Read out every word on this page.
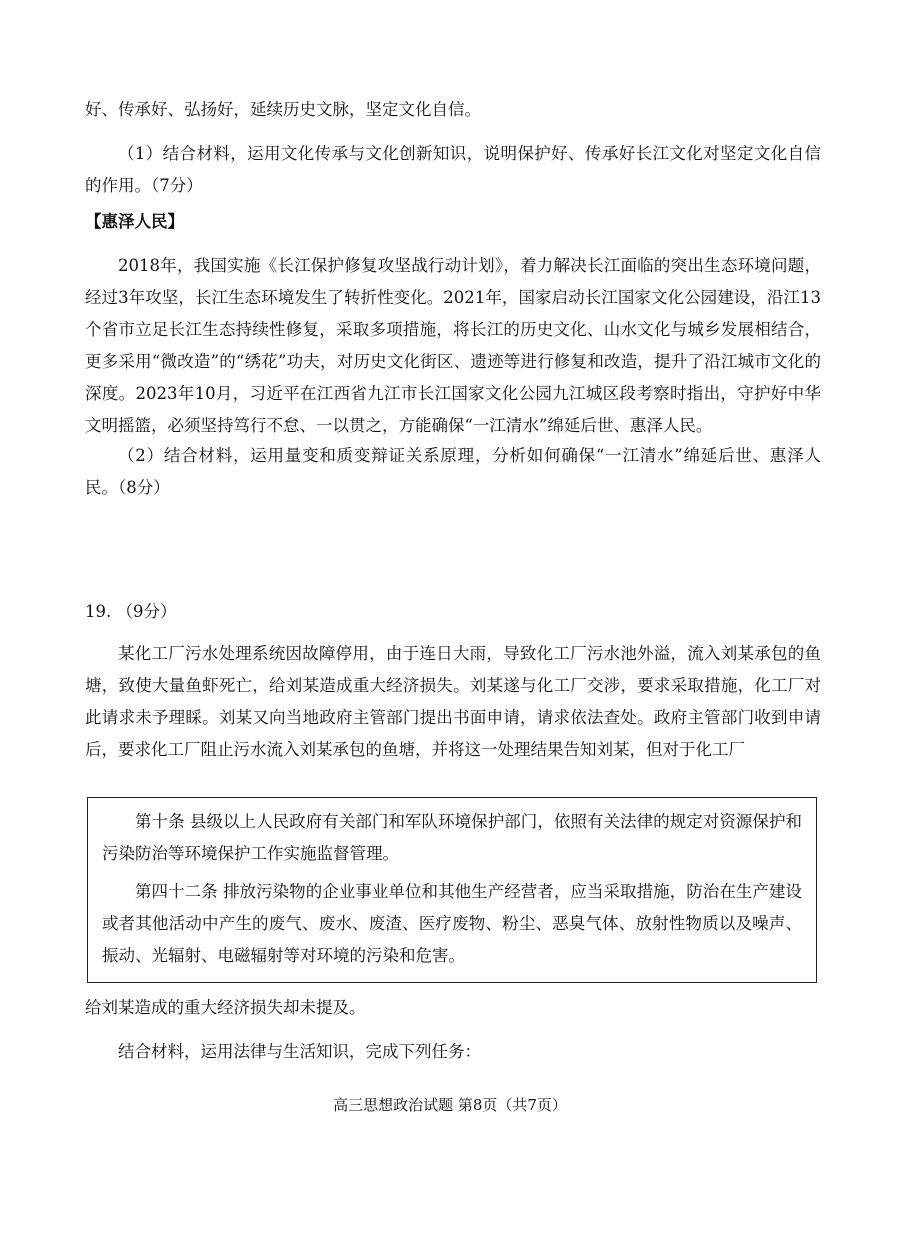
好、传承好、弘扬好，延续历史文脉，坚定文化自信。

（1）结合材料，运用文化传承与文化创新知识，说明保护好、传承好长江文化对坚定文化自信的作用。（7分）

【惠泽人民】

2018年，我国实施《长江保护修复攻坚战行动计划》，着力解决长江面临的突出生态环境问题，经过3年攻坚，长江生态环境发生了转折性变化。2021年，国家启动长江国家文化公园建设，沿江13个省市立足长江生态持续性修复，采取多项措施，将长江的历史文化、山水文化与城乡发展相结合，更多采用“微改造”的“绣花”功夫，对历史文化街区、遗迹等进行修复和改造，提升了沿江城市文化的深度。2023年10月，习近平在江西省九江市长江国家文化公园九江城区段考察时指出，守护好中华文明摇篮，必须坚持笃行不怠、一以贯之，方能确保“一江清水”绵延后世、惠泽人民。

（2）结合材料，运用量变和质变辩证关系原理，分析如何确保“一江清水”绵延后世、惠泽人民。（8分）

19. （9分）

某化工厂污水处理系统因故障停用，由于连日大雨，导致化工厂污水池外溢，流入刘某承包的鱼塘，致使大量鱼虾死亡，给刘某造成重大经济损失。刘某遂与化工厂交涉，要求采取措施，化工厂对此请求未予理睬。刘某又向当地政府主管部门提出书面申请，请求依法查处。政府主管部门收到申请后，要求化工厂阻止污水流入刘某承包的鱼塘，并将这一处理结果告知刘某，但对于化工厂

第十条 县级以上人民政府有关部门和军队环境保护部门，依照有关法律的规定对资源保护和污染防治等环境保护工作实施监督管理。

第四十二条 排放污染物的企业事业单位和其他生产经营者，应当采取措施，防治在生产建设或者其他活动中产生的废气、废水、废渣、医疗废物、粉尘、恶臭气体、放射性物质以及噪声、振动、光辐射、电磁辐射等对环境的污染和危害。

给刘某造成的重大经济损失却未提及。

结合材料，运用法律与生活知识，完成下列任务：

高三思想政治试题 第8页（共7页）
